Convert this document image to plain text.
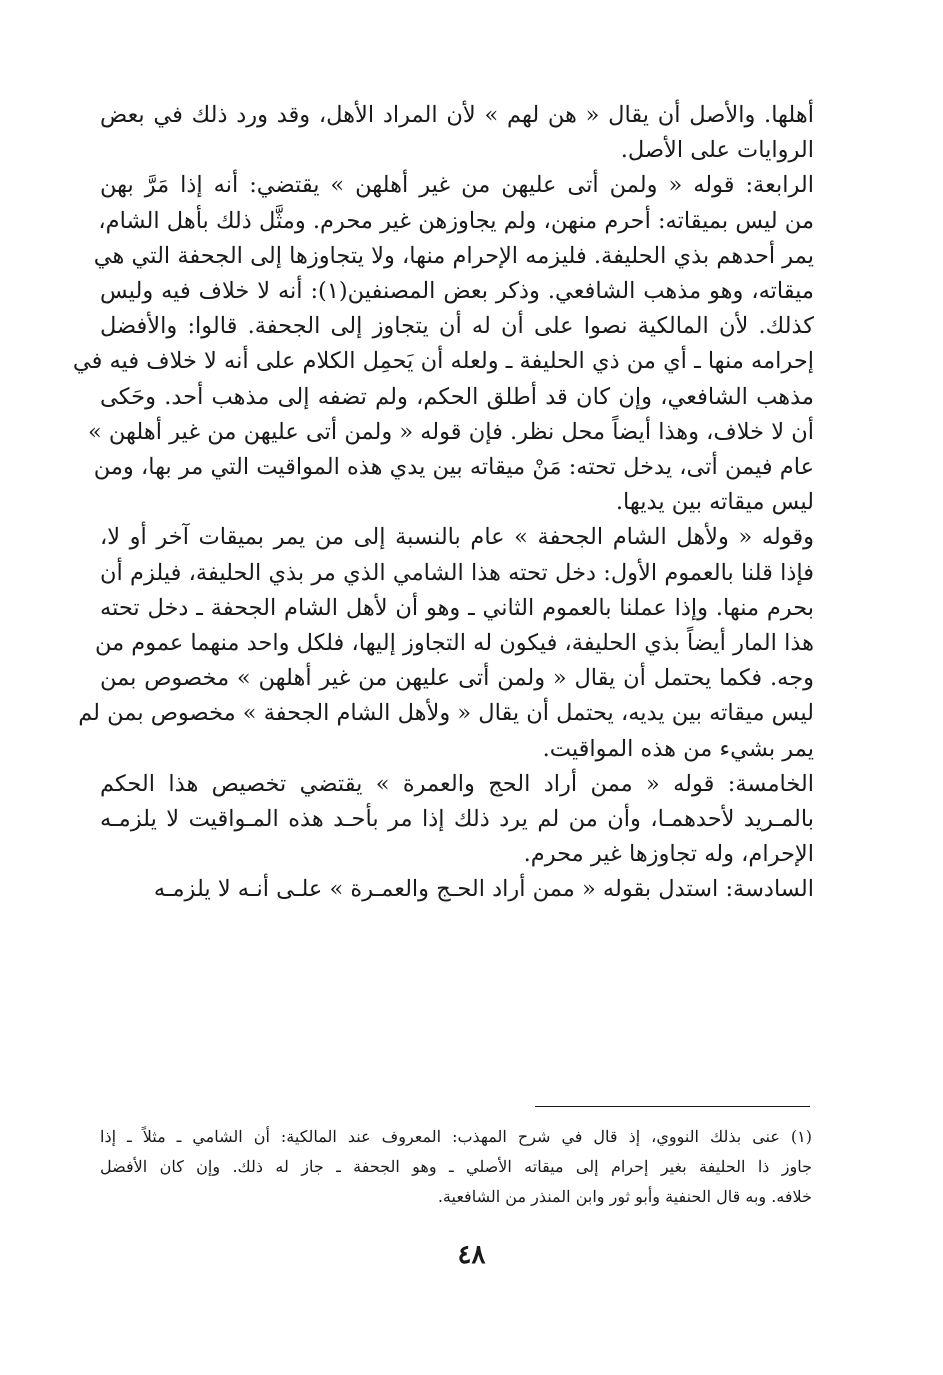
أهلها. والأصل أن يقال « هن لهم » لأن المراد الأهل، وقد ورد ذلك في بعض
الروايات على الأصل.
الرابعة: قوله « ولمن أتى عليهن من غير أهلهن » يقتضي: أنه إذا مَرَّ بهن
من ليس بميقاته: أحرم منهن، ولم يجاوزهن غير محرم. ومثَّل ذلك بأهل الشام،
يمر أحدهم بذي الحليفة. فليزمه الإحرام منها، ولا يتجاوزها إلى الجحفة التي هي
ميقاته، وهو مذهب الشافعي. وذكر بعض المصنفين(١): أنه لا خلاف فيه وليس
كذلك. لأن المالكية نصوا على أن له أن يتجاوز إلى الجحفة. قالوا: والأفضل
إحرامه منها ـ أي من ذي الحليفة ـ ولعله أن يَحمِل الكلام على أنه لا خلاف فيه في
مذهب الشافعي، وإن كان قد أطلق الحكم، ولم تضفه إلى مذهب أحد. وحَكى
أن لا خلاف، وهذا أيضاً محل نظر. فإن قوله « ولمن أتى عليهن من غير أهلهن »
عام فيمن أتى، يدخل تحته: مَنْ ميقاته بين يدي هذه المواقيت التي مر بها، ومن
ليس ميقاته بين يديها.
وقوله « ولأهل الشام الجحفة » عام بالنسبة إلى من يمر بميقات آخر أو لا،
فإذا قلنا بالعموم الأول: دخل تحته هذا الشامي الذي مر بذي الحليفة، فيلزم أن
بحرم منها. وإذا عملنا بالعموم الثاني ـ وهو أن لأهل الشام الجحفة ـ دخل تحته
هذا المار أيضاً بذي الحليفة، فيكون له التجاوز إليها، فلكل واحد منهما عموم من
وجه. فكما يحتمل أن يقال « ولمن أتى عليهن من غير أهلهن » مخصوص بمن
ليس ميقاته بين يديه، يحتمل أن يقال « ولأهل الشام الجحفة » مخصوص بمن لم
يمر بشيء من هذه المواقيت.
الخامسة: قوله « ممن أراد الحج والعمرة » يقتضي تخصيص هذا الحكم
بالمـريد لأحدهمـا، وأن من لم يرد ذلك إذا مر بأحـد هذه المـواقيت لا يلزمـه
الإحرام، وله تجاوزها غير محرم.
السادسة: استدل بقوله « ممن أراد الحـج والعمـرة » علـى أنـه لا يلزمـه
(١) عنى بذلك النووي، إذ قال في شرح المهذب: المعروف عند المالكية: أن الشامي ـ مثلاً ـ إذا
جاوز ذا الحليفة بغير إحرام إلى ميقاته الأصلي ـ وهو الجحفة ـ جاز له ذلك. وإن كان الأفضل
خلافه. وبه قال الحنفية وأبو ثور وابن المنذر من الشافعية.
٤٨
